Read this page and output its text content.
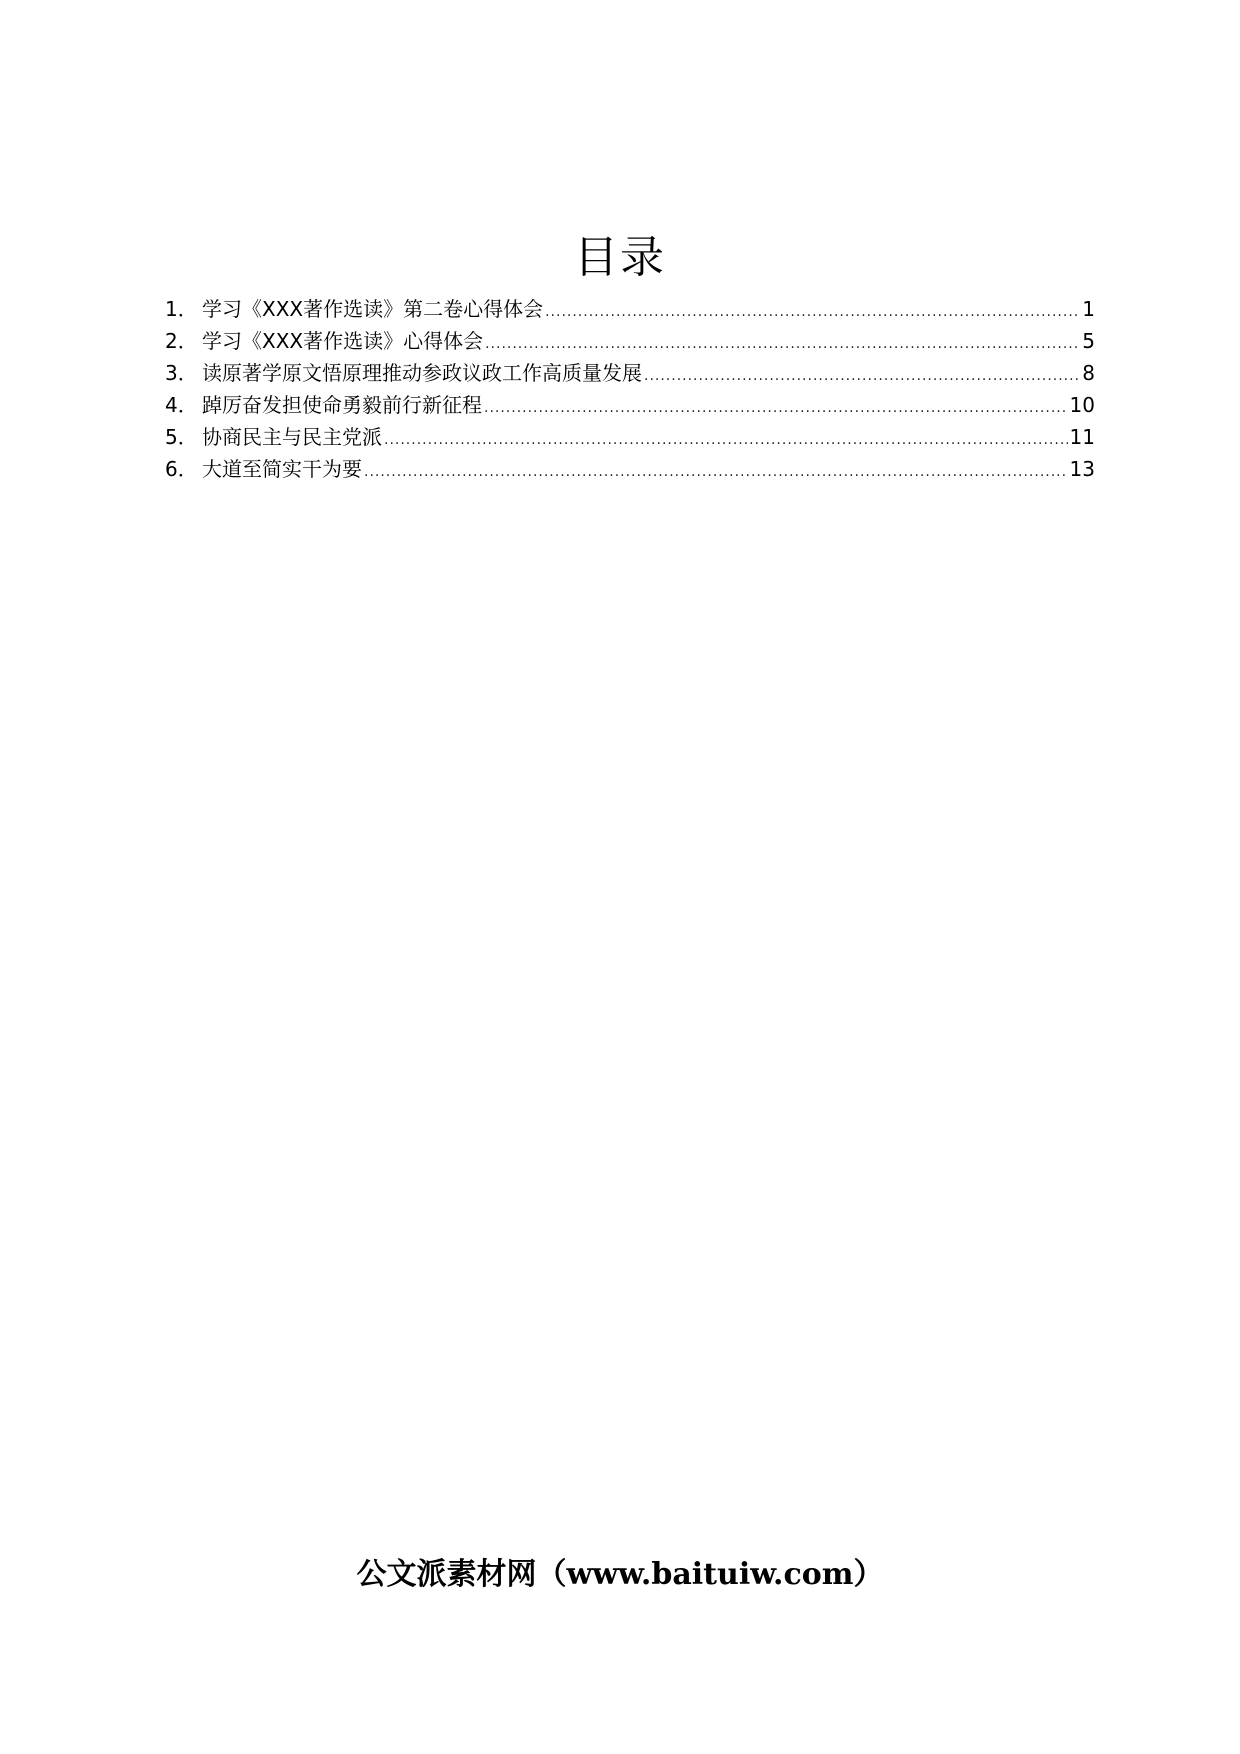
目录
1． 学习《XXX著作选读》第二卷心得体会 .....	1
2． 学习《XXX著作选读》心得体会 .....	5
3． 读原著学原文悟原理推动参政议政工作高质量发展 .....	8
4． 踔厉奋发担使命勇毅前行新征程 .....	10
5． 协商民主与民主党派 .....	11
6． 大道至简实干为要 .....	13

公文派素材网（www.baituiw.com）
